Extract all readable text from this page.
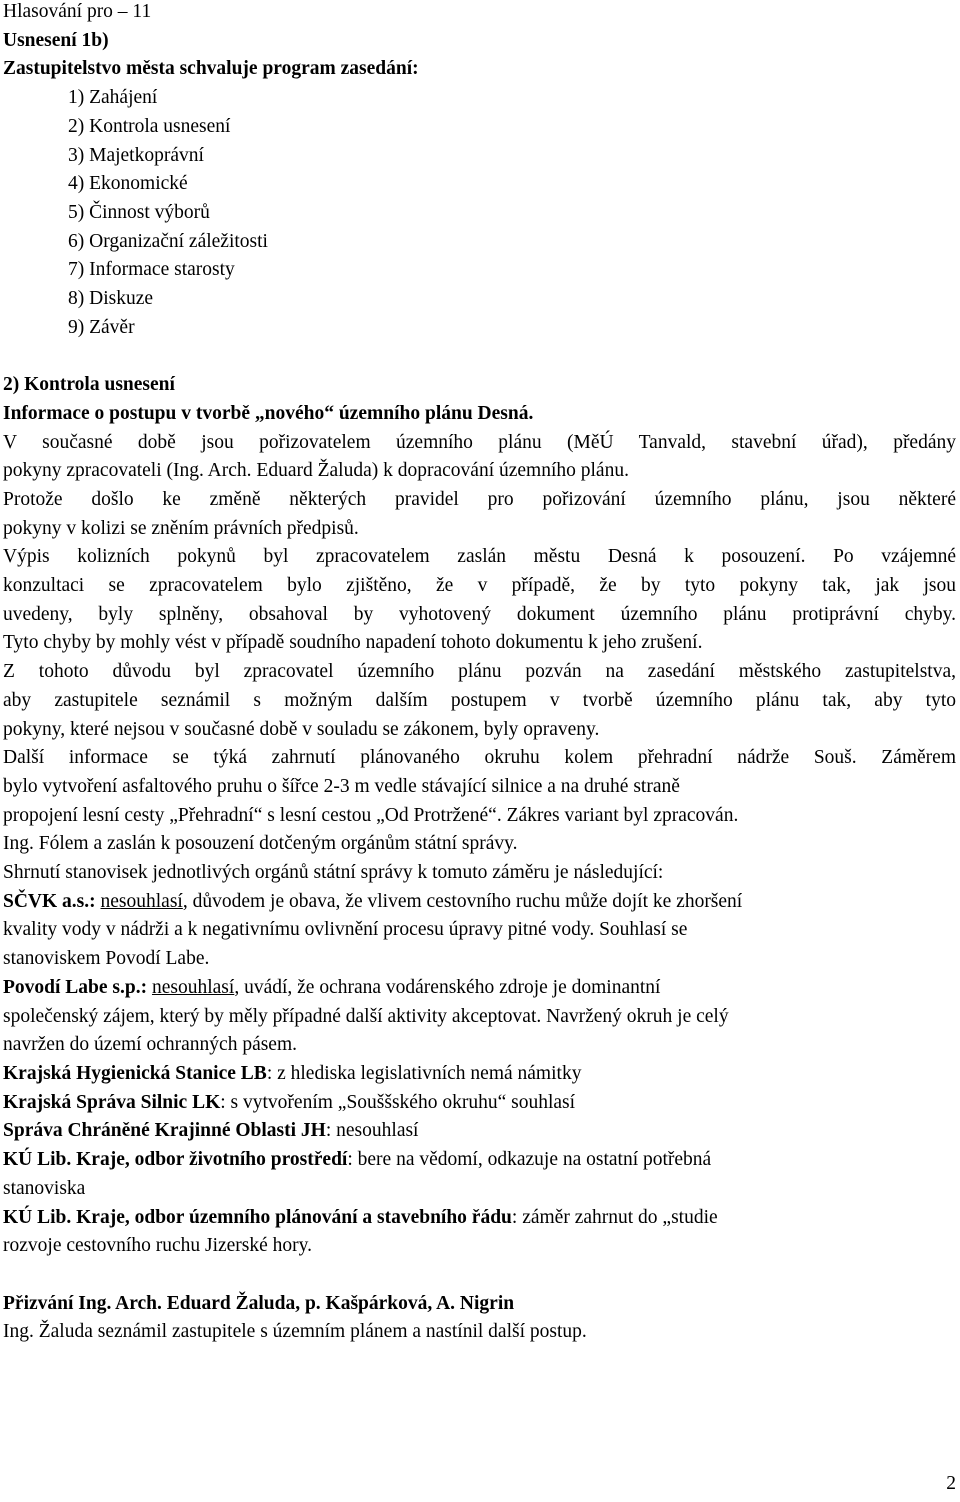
Hlasování pro – 11
Usnesení 1b)
Zastupitelstvo města schvaluje program zasedání:
1) Zahájení
2) Kontrola usnesení
3) Majetkoprávní
4) Ekonomické
5) Činnost výborů
6) Organizační záležitosti
7) Informace starosty
8) Diskuze
9) Závěr
2) Kontrola usnesení
Informace o postupu v tvorbě „nového“ územního plánu Desná.
V současné době jsou pořizovatelem územního plánu (MěÚ Tanvald, stavební úřad), předány
pokyny zpracovateli (Ing. Arch. Eduard Žaluda) k dopracování územního plánu.
Protože došlo ke změně některých pravidel pro pořizování územního plánu, jsou některé
pokyny v kolizi se zněním právních předpisů.
Výpis kolizních pokynů byl zpracovatelem zaslán městu Desná k posouzení. Po vzájemné
konzultaci se zpracovatelem bylo zjištěno, že v případě, že by tyto pokyny tak, jak jsou
uvedeny, byly splněny, obsahoval by vyhotovený dokument územního plánu protiprávní chyby.
Tyto chyby by mohly vést v případě soudního napadení tohoto dokumentu k jeho zrušení.
Z tohoto důvodu byl zpracovatel územního plánu pozván na zasedání městského zastupitelstva,
aby zastupitele seznámil s možným dalším postupem v tvorbě územního plánu tak, aby tyto
pokyny, které nejsou v současné době v souladu se zákonem, byly opraveny.
Další informace se týká zahrnutí plánovaného okruhu kolem přehradní nádrže Souš. Záměrem
bylo vytvoření asfaltového pruhu o šířce 2-3 m vedle stávající silnice a na druhé straně
propojení lesní cesty „Přehradní“ s lesní cestou „Od Protržené“. Zákres variant byl zpracován.
Ing. Fólem a zaslán k posouzení dotčeným orgánům státní správy.
Shrnutí stanovisek jednotlivých orgánů státní správy k tomuto záměru je následující:
SČVK a.s.: nesouhlasí, důvodem je obava, že vlivem cestovního ruchu může dojít ke zhoršení
kvality vody v nádrži a k negativnímu ovlivnění procesu úpravy pitné vody. Souhlasí se
stanoviskem Povodí Labe.
Povodí Labe s.p.: nesouhlasí, uvádí, že ochrana vodárenského zdroje je dominantní
společenský zájem, který by měly případné další aktivity akceptovat. Navržený okruh je celý
navržen do území ochranných pásem.
Krajská Hygienická Stanice LB: z hlediska legislativních nemá námitky
Krajská Správa Silnic LK: s vytvořením „Souššského okruhu“ souhlasí
Správa Chráněné Krajinné Oblasti JH: nesouhlasí
KÚ Lib. Kraje, odbor životního prostředí: bere na vědomí, odkazuje na ostatní potřebná
stanoviska
KÚ Lib. Kraje, odbor územního plánování a stavebního řádu: záměr zahrnut do „studie
rozvoje cestovního ruchu Jizerské hory.
Přizvání Ing. Arch. Eduard Žaluda, p. Kašpárková, A. Nigrin
Ing. Žaluda seznámil zastupitele s územním plánem a nastínil další postup.
2
